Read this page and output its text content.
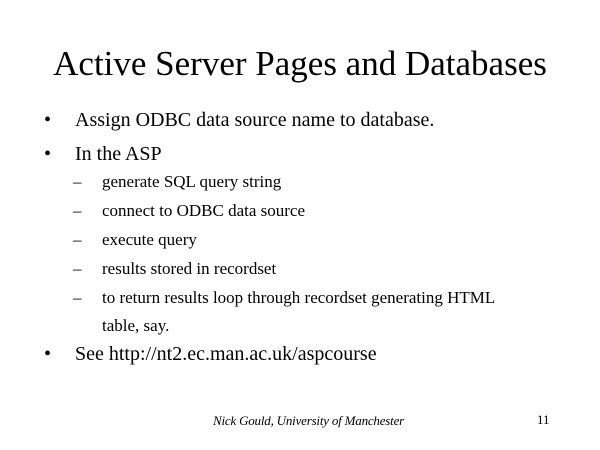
Active Server Pages and Databases
• Assign ODBC data source name to database.
• In the ASP
– generate SQL query string
– connect to ODBC data source
– execute query
– results stored in recordset
– to return results loop through recordset generating HTML table, say.
• See http://nt2.ec.man.ac.uk/aspcourse
Nick Gould, University of Manchester	11
